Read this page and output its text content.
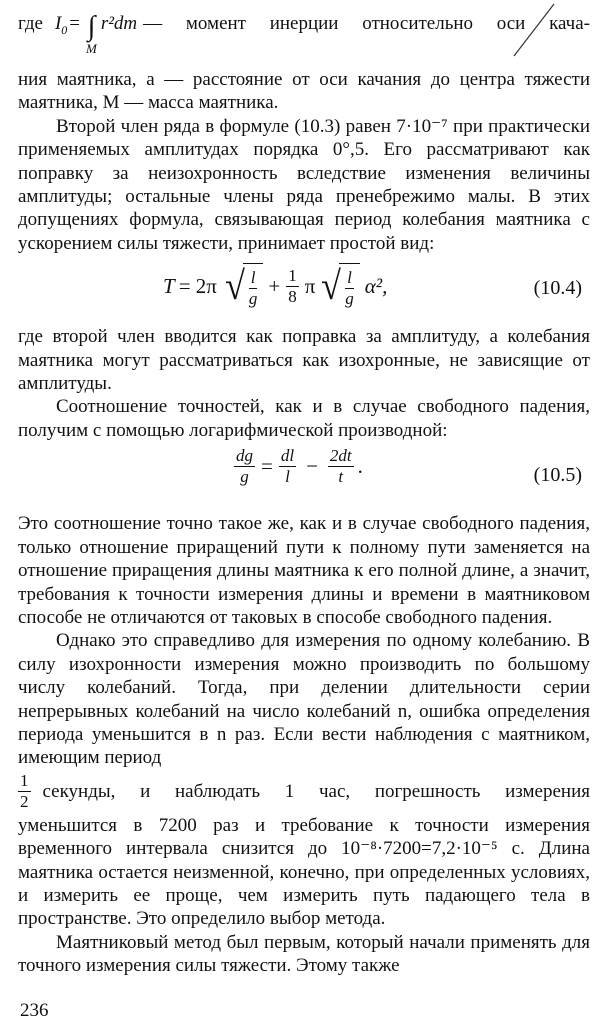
где $I_0$ = ∫
M
r²dm — момент инерции относительно оси кача-

ния маятника, a — расстояние от оси качания до центра тяжести маятника, M — масса маятника.

Второй член ряда в формуле (10.3) равен 7·10⁻⁷ при практически применяемых амплитудах порядка 0°,5. Его рассматривают как поправку за неизохронность вследствие изменения величины амплитуды; остальные члены ряда пренебрежимо малы. В этих допущениях формула, связывающая период колебания маятника с ускорением силы тяжести, принимает простой вид:

T = 2π √ $\frac{l}{g} + \frac{1}{8}$ π √ $\frac{l}{g} \alpha^2$,	(10.4)

где второй член вводится как поправка за амплитуду, а колебания маятника могут рассматриваться как изохронные, не зависящие от амплитуды.

Соотношение точностей, как и в случае свободного падения, получим с помощью логарифмической производной:

$\frac{dg}{g} = \frac{dl}{l} - \frac{2dt}{t}$ .	(10.5)

Это соотношение точно такое же, как и в случае свободного падения, только отношение приращений пути к полному пути заменяется на отношение приращения длины маятника к его полной длине, а значит, требования к точности измерения длины и времени в маятниковом способе не отличаются от таковых в способе свободного падения.

Однако это справедливо для измерения по одному колебанию. В силу изохронности измерения можно производить по большому числу колебаний. Тогда, при делении длительности серии непрерывных колебаний на число колебаний n, ошибка определения периода уменьшится в n раз. Если вести наблюдения с маятником, имеющим период

$\frac{1}{2}$ секунды, и наблюдать 1 час, погрешность измерения

уменьшится в 7200 раз и требование к точности измерения временного интервала снизится до 10⁻⁸·7200=7,2·10⁻⁵ с. Длина маятника остается неизменной, конечно, при определенных условиях, и измерить ее проще, чем измерить путь падающего тела в пространстве. Это определило выбор метода.

Маятниковый метод был первым, который начали применять для точного измерения силы тяжести. Этому также

236
